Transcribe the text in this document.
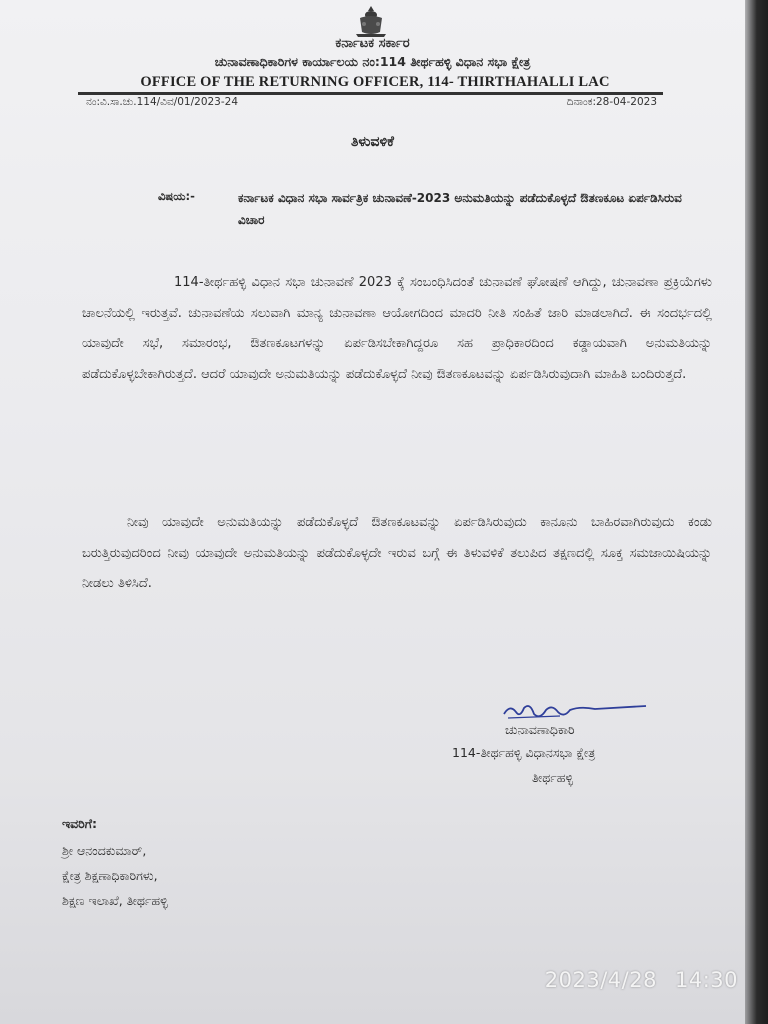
ಕರ್ನಾಟಕ ಸರ್ಕಾರ
ಚುನಾವಣಾಧಿಕಾರಿಗಳ ಕಾರ್ಯಾಲಯ ನಂ:114 ತೀರ್ಥಹಳ್ಳಿ ವಿಧಾನ ಸಭಾ ಕ್ಷೇತ್ರ
OFFICE OF THE RETURNING OFFICER, 114- THIRTHAHALLI LAC
ನಂ:ವಿ.ಸಾ.ಚು.114/ವಿವ/01/2023-24	ದಿನಾಂಕ:28-04-2023
ತಿಳುವಳಿಕೆ
ವಿಷಯ:-	ಕರ್ನಾಟಕ ವಿಧಾನ ಸಭಾ ಸಾರ್ವತ್ರಿಕ ಚುನಾವಣೆ-2023 ಅನುಮತಿಯನ್ನು ಪಡೆದುಕೊಳ್ಳದೆ ಔತಣಕೂಟ ಏರ್ಪಡಿಸಿರುವ ವಿಚಾರ
114-ತೀರ್ಥಹಳ್ಳಿ ವಿಧಾನ ಸಭಾ ಚುನಾವಣೆ 2023 ಕ್ಕೆ ಸಂಬಂಧಿಸಿದಂತೆ ಚುನಾವಣೆ ಘೋಷಣೆ ಆಗಿದ್ದು, ಚುನಾವಣಾ ಪ್ರಕ್ರಿಯೆಗಳು ಚಾಲನೆಯಲ್ಲಿ ಇರುತ್ತವೆ. ಚುನಾವಣೆಯ ಸಲುವಾಗಿ ಮಾನ್ಯ ಚುನಾವಣಾ ಆಯೋಗದಿಂದ ಮಾದರಿ ನೀತಿ ಸಂಹಿತೆ ಜಾರಿ ಮಾಡಲಾಗಿದೆ. ಈ ಸಂದರ್ಭದಲ್ಲಿ ಯಾವುದೇ ಸಭೆ, ಸಮಾರಂಭ, ಔತಣಕೂಟಗಳನ್ನು ಏರ್ಪಡಿಸಬೇಕಾಗಿದ್ದರೂ ಸಹ ಪ್ರಾಧಿಕಾರದಿಂದ ಕಡ್ಡಾಯವಾಗಿ ಅನುಮತಿಯನ್ನು ಪಡೆದುಕೊಳ್ಳಬೇಕಾಗಿರುತ್ತದೆ. ಆದರೆ ಯಾವುದೇ ಅನುಮತಿಯನ್ನು ಪಡೆದುಕೊಳ್ಳದೆ ನೀವು ಔತಣಕೂಟವನ್ನು ಏರ್ಪಡಿಸಿರುವುದಾಗಿ ಮಾಹಿತಿ ಬಂದಿರುತ್ತದೆ.
ನೀವು ಯಾವುದೇ ಅನುಮತಿಯನ್ನು ಪಡೆದುಕೊಳ್ಳದೆ ಔತಣಕೂಟವನ್ನು ಏರ್ಪಡಿಸಿರುವುದು ಕಾನೂನು ಬಾಹಿರವಾಗಿರುವುದು ಕಂಡು ಬರುತ್ತಿರುವುದರಿಂದ ನೀವು ಯಾವುದೇ ಅನುಮತಿಯನ್ನು ಪಡೆದುಕೊಳ್ಳದೇ ಇರುವ ಬಗ್ಗೆ ಈ ತಿಳುವಳಿಕೆ ತಲುಪಿದ ತಕ್ಷಣದಲ್ಲಿ ಸೂಕ್ತ ಸಮಜಾಯಿಷಿಯನ್ನು ನೀಡಲು ತಿಳಿಸಿದೆ.
ಚುನಾವಣಾಧಿಕಾರಿ
114-ತೀರ್ಥಹಳ್ಳಿ ವಿಧಾನಸಭಾ ಕ್ಷೇತ್ರ
ತೀರ್ಥಹಳ್ಳಿ
ಇವರಿಗೆ:
ಶ್ರೀ ಆನಂದಕುಮಾರ್,
ಕ್ಷೇತ್ರ ಶಿಕ್ಷಣಾಧಿಕಾರಿಗಳು,
ಶಿಕ್ಷಣ ಇಲಾಖೆ, ತೀರ್ಥಹಳ್ಳಿ
2023/4/28 14:30
